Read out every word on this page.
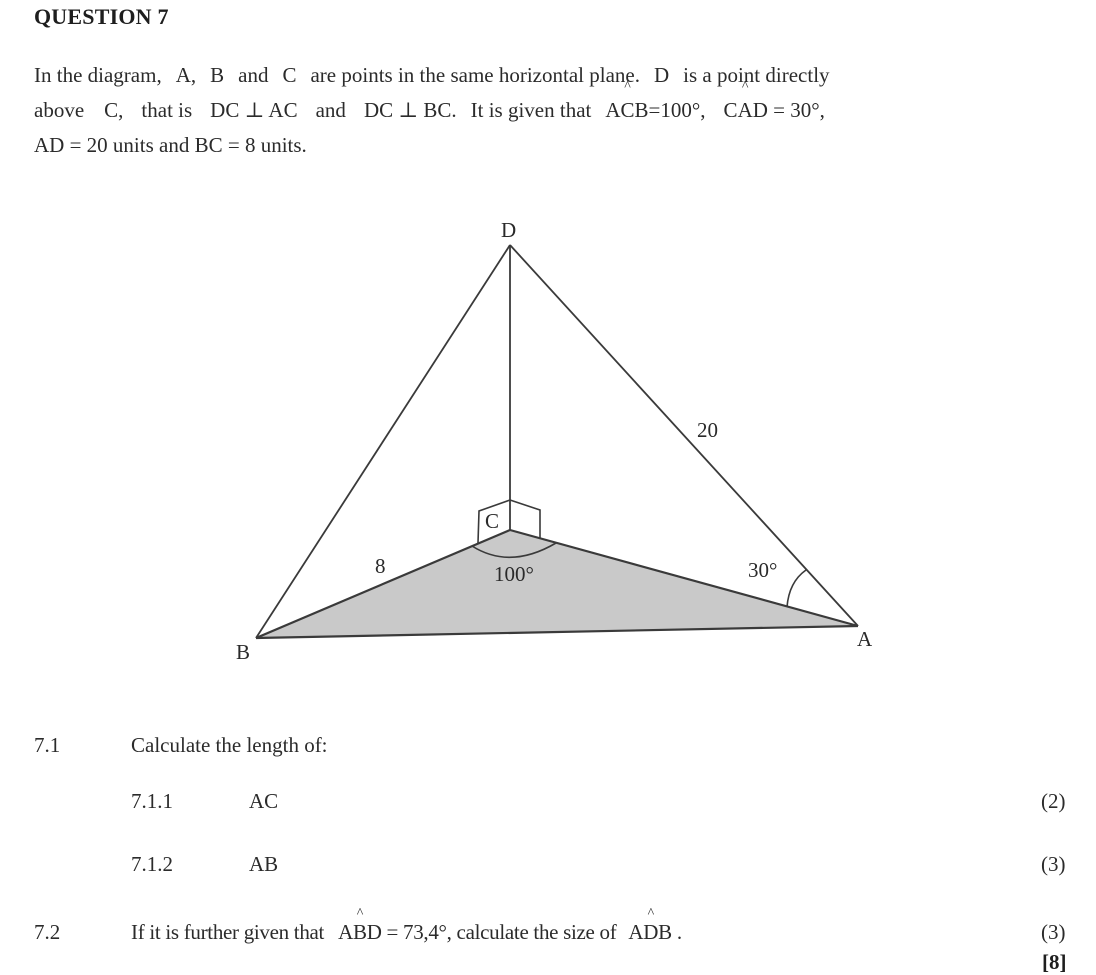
QUESTION 7
In the diagram, A, B and C are points in the same horizontal plane. D is a point directly
above C, that is DC ⊥ AC and DC ⊥ BC. It is given that A^ CB=100°, C^ AD = 30°,
AD = 20 units and BC = 8 units.
D
C
B
A
20
8	100°	30°
7.1	Calculate the length of:
7.1.1	AC	(2)
7.1.2	AB	(3)
7.2	If it is further given that A^ BD = 73,4°, calculate the size of A^ DB .	(3)
[8]
